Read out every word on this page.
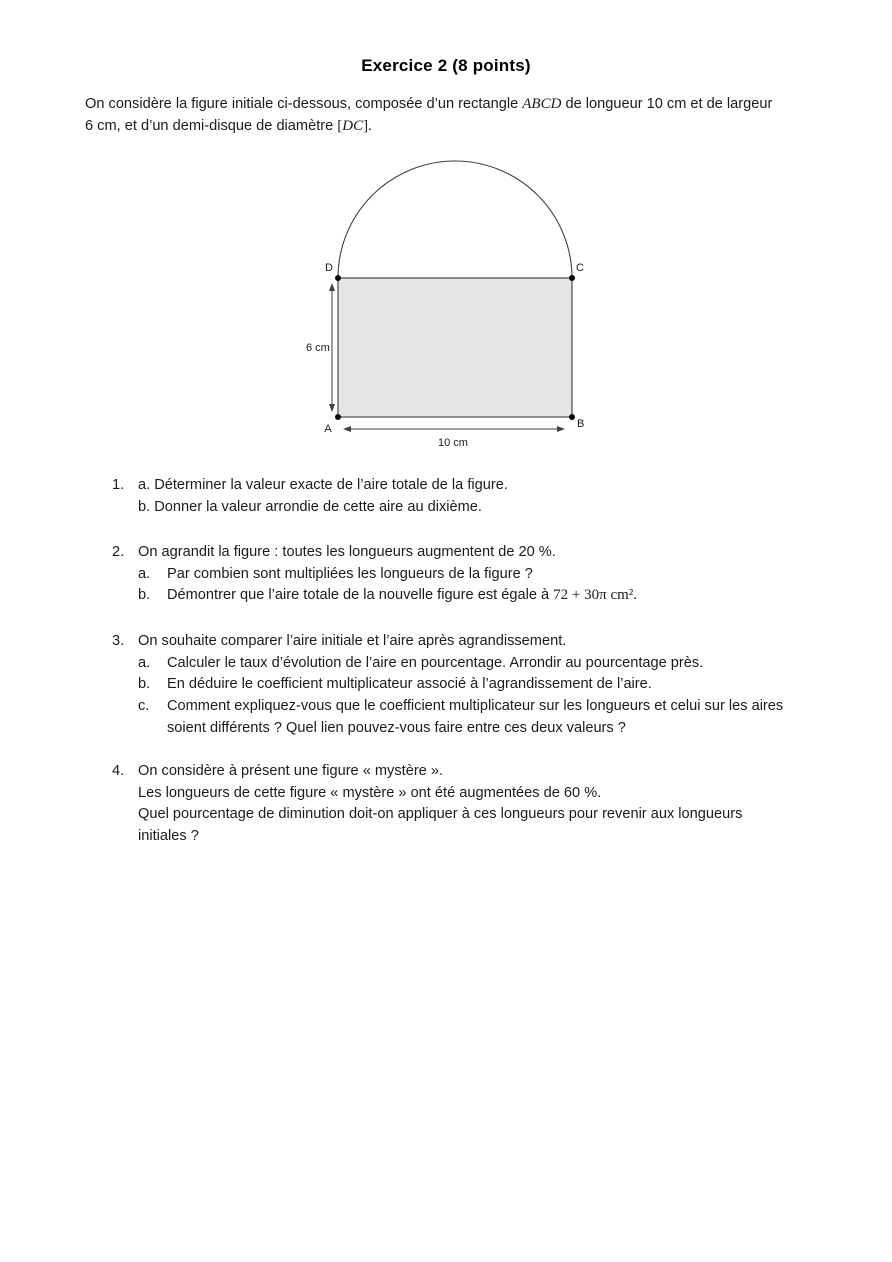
Exercice 2 (8 points)
On considère la figure initiale ci-dessous, composée d’un rectangle ABCD de longueur 10 cm et de largeur
6 cm, et d’un demi-disque de diamètre [DC].
D	C
A	B
6 cm
10 cm
1. a. Déterminer la valeur exacte de l’aire totale de la figure.
b. Donner la valeur arrondie de cette aire au dixième.
2. On agrandit la figure : toutes les longueurs augmentent de 20 %.
a. Par combien sont multipliées les longueurs de la figure ?
b. Démontrer que l’aire totale de la nouvelle figure est égale à 72 + 30π cm².
3. On souhaite comparer l’aire initiale et l’aire après agrandissement.
a. Calculer le taux d’évolution de l’aire en pourcentage. Arrondir au pourcentage près.
b. En déduire le coefficient multiplicateur associé à l’agrandissement de l’aire.
c. Comment expliquez-vous que le coefficient multiplicateur sur les longueurs et celui sur les aires
soient différents ? Quel lien pouvez-vous faire entre ces deux valeurs ?
4. On considère à présent une figure « mystère ».
Les longueurs de cette figure « mystère » ont été augmentées de 60 %.
Quel pourcentage de diminution doit-on appliquer à ces longueurs pour revenir aux longueurs
initiales ?
